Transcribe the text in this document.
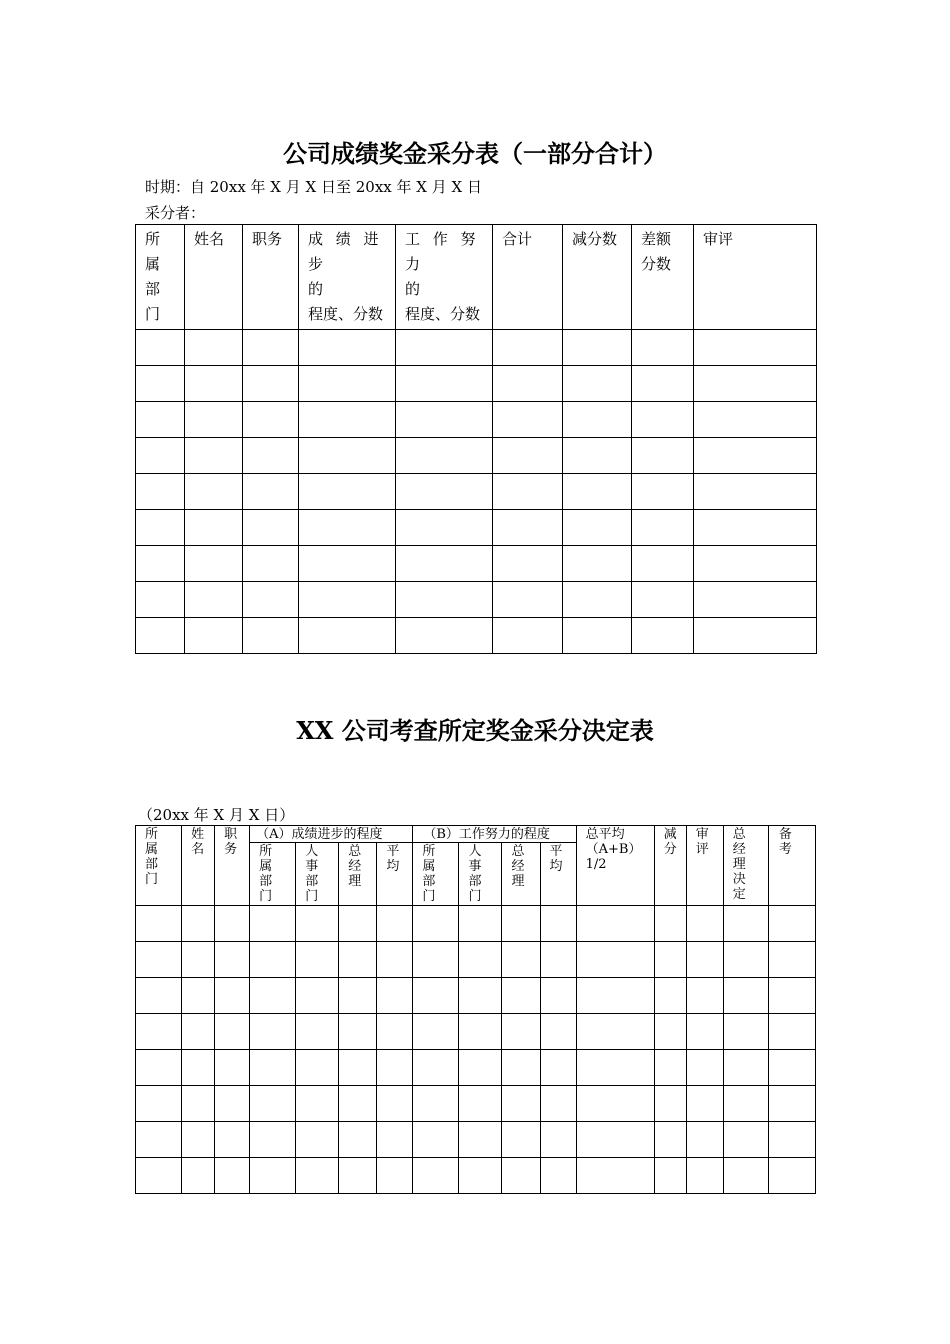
公司成绩奖金采分表（一部分合计）
时期：自 20xx 年 X 月 X 日至 20xx 年 X 月 X 日
采分者：
所属部门	姓名	职务	成 绩 进 步
的
程度、分数	工 作 努 力
的
程度、分数	合计	减分数	差额
分数	审评

XX 公司考查所定奖金采分决定表
（20xx 年 X 月 X 日）
所属部门	姓名	职务	（A）成绩进步的程度				（B）工作努力的程度				总平均
（A+B）
1/2	减分	审评	总经理决定	备考

			所属部门	人事部门	总经理	平均	所属部门	人事部门	总经理	平均					
